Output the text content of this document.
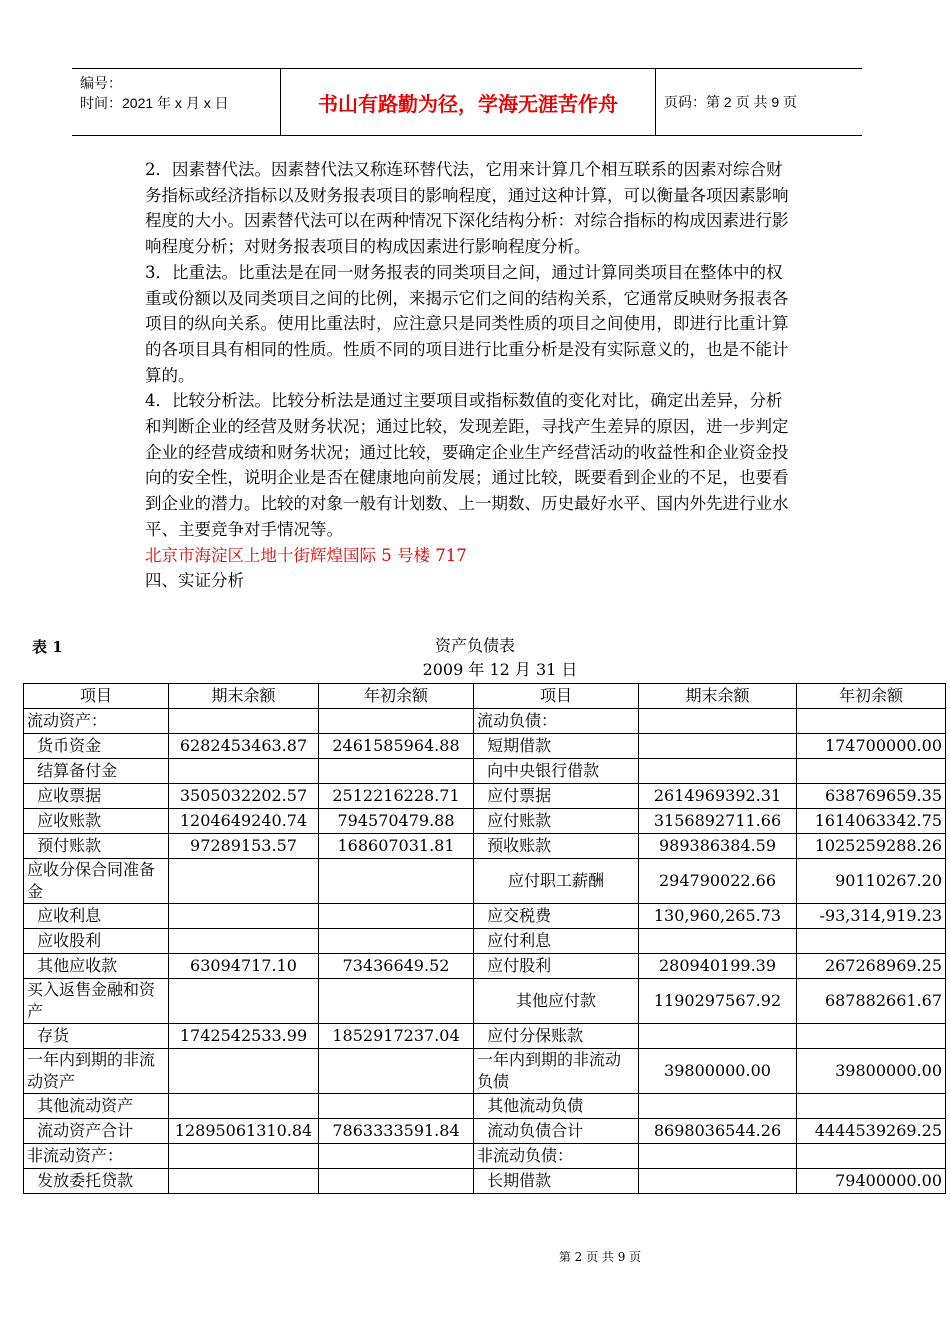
编号：
时间：2021 年 x 月 x 日	书山有路勤为径，学海无涯苦作舟	页码：第 2 页 共 9 页

2．因素替代法。因素替代法又称连环替代法，它用来计算几个相互联系的因素对综合财务指标或经济指标以及财务报表项目的影响程度，通过这种计算，可以衡量各项因素影响程度的大小。因素替代法可以在两种情况下深化结构分析：对综合指标的构成因素进行影响程度分析；对财务报表项目的构成因素进行影响程度分析。

3．比重法。比重法是在同一财务报表的同类项目之间，通过计算同类项目在整体中的权重或份额以及同类项目之间的比例，来揭示它们之间的结构关系，它通常反映财务报表各项目的纵向关系。使用比重法时，应注意只是同类性质的项目之间使用，即进行比重计算的各项目具有相同的性质。性质不同的项目进行比重分析是没有实际意义的，也是不能计算的。

4．比较分析法。比较分析法是通过主要项目或指标数值的变化对比，确定出差异，分析和判断企业的经营及财务状况；通过比较，发现差距，寻找产生差异的原因，进一步判定企业的经营成绩和财务状况；通过比较，要确定企业生产经营活动的收益性和企业资金投向的安全性，说明企业是否在健康地向前发展；通过比较，既要看到企业的不足，也要看到企业的潜力。比较的对象一般有计划数、上一期数、历史最好水平、国内外先进行业水平、主要竞争对手情况等。

北京市海淀区上地十街辉煌国际 5 号楼 717

四、实证分析

表 1	资产负债表
2009 年 12 月 31 日
项目	期末余额	年初余额	项目	期末余额	年初余额
流动资产：			流动负债：		
货币资金	6282453463.87	2461585964.88	短期借款		174700000.00
结算备付金			向中央银行借款		
应收票据	3505032202.57	2512216228.71	应付票据	2614969392.31	638769659.35
应收账款	1204649240.74	794570479.88	应付账款	3156892711.66	1614063342.75
预付账款	97289153.57	168607031.81	预收账款	989386384.59	1025259288.26
应收分保合同准备金			应付职工薪酬	294790022.66	90110267.20
应收利息			应交税费	130,960,265.73	-93,314,919.23
应收股利			应付利息		
其他应收款	63094717.10	73436649.52	应付股利	280940199.39	267268969.25
买入返售金融和资产			其他应付款	1190297567.92	687882661.67
存货	1742542533.99	1852917237.04	应付分保账款		
一年内到期的非流动资产			一年内到期的非流动负债	39800000.00	39800000.00
其他流动资产			其他流动负债		
流动资产合计	12895061310.84	7863333591.84	流动负债合计	8698036544.26	4444539269.25
非流动资产：			非流动负债：		
发放委托贷款			长期借款		79400000.00
第 2 页 共 9 页
